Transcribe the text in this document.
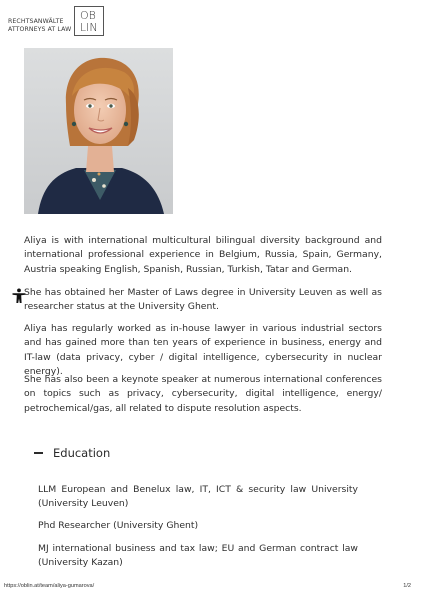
RECHTSANWÄLTE
ATTORNEYS AT LAW
OB
LIN

Aliya is with international multicultural bilingual diversity background and international professional experience in Belgium, Russia, Spain, Germany, Austria speaking English, Spanish, Russian, Turkish, Tatar and German.

She has obtained her Master of Laws degree in University Leuven as well as researcher status at the University Ghent.

Aliya has regularly worked as in-house lawyer in various industrial sectors and has gained more than ten years of experience in business, energy and IT-law (data privacy, cyber / digital intelligence, cybersecurity in nuclear energy).

She has also been a keynote speaker at numerous international conferences on topics such as privacy, cybersecurity, digital intelligence, energy/ petrochemical/gas, all related to dispute resolution aspects.

Education

LLM European and Benelux law, IT, ICT & security law University (University Leuven)

Phd Researcher (University Ghent)

MJ international business and tax law; EU and German contract law (University Kazan)

https://oblin.at/team/aliya-gumarova/	1/2
